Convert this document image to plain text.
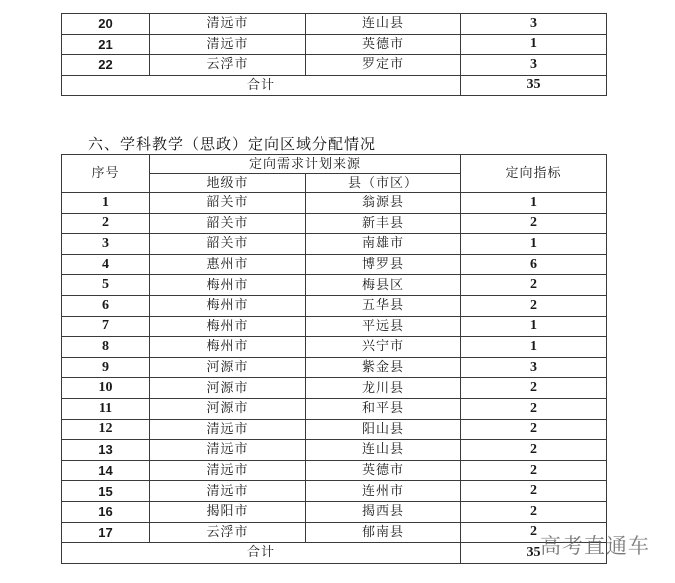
20	清远市	连山县	3
21	清远市	英德市	1
22	云浮市	罗定市	3
合计			35
六、学科教学（思政）定向区域分配情况
序号	定向需求计划来源		定向指标
	地级市	县（市区）	
1	韶关市	翁源县	1
2	韶关市	新丰县	2
3	韶关市	南雄市	1
4	惠州市	博罗县	6
5	梅州市	梅县区	2
6	梅州市	五华县	2
7	梅州市	平远县	1
8	梅州市	兴宁市	1
9	河源市	紫金县	3
10	河源市	龙川县	2
11	河源市	和平县	2
12	清远市	阳山县	2
13	清远市	连山县	2
14	清远市	英德市	2
15	清远市	连州市	2
16	揭阳市	揭西县	2
17	云浮市	郁南县	2
合计			35 高考直通车
